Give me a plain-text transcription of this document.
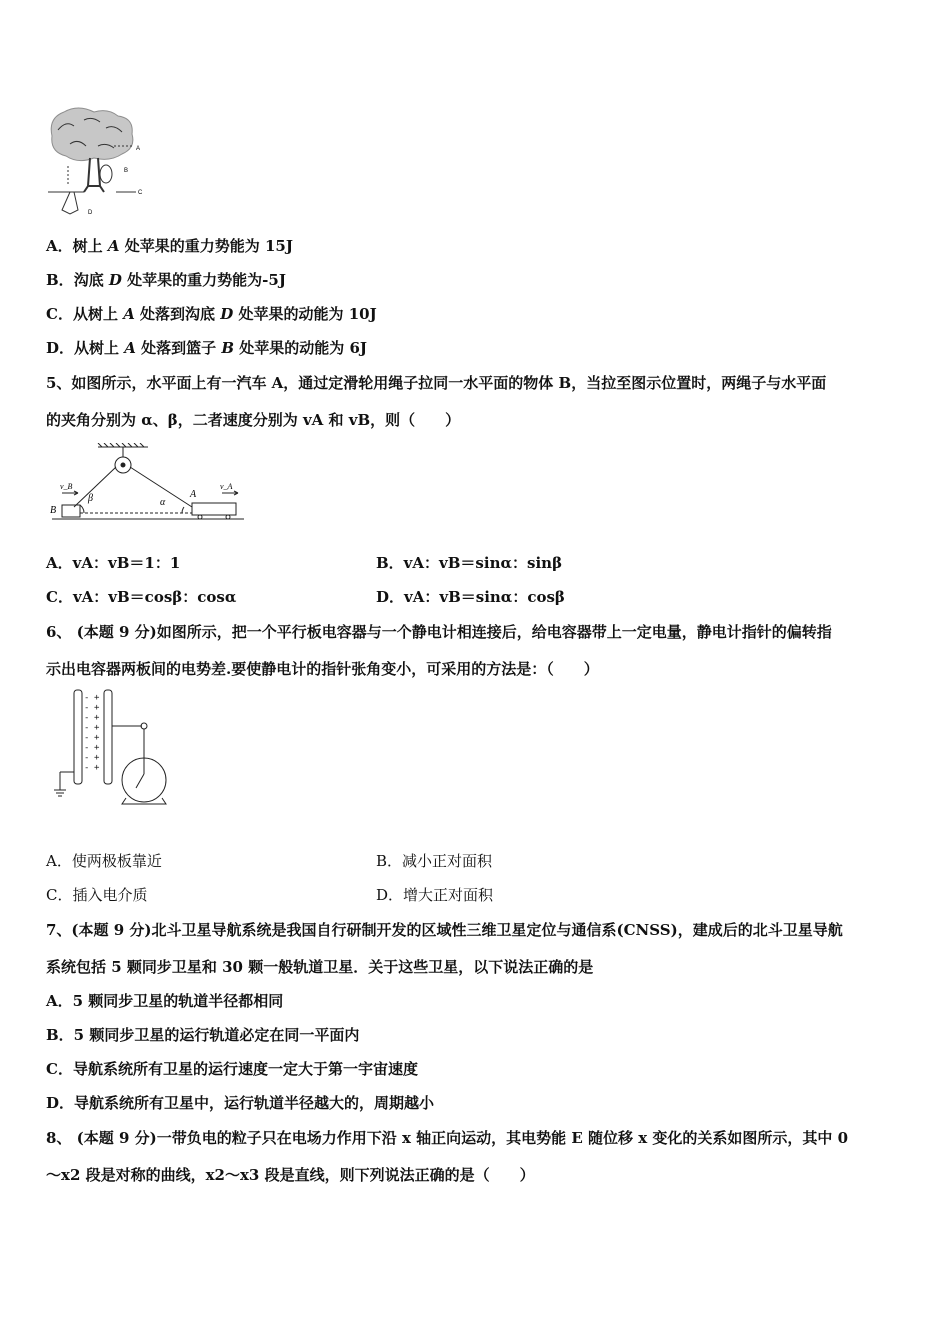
A
B
C
D
A．树上 A 处苹果的重力势能为 15J
B．沟底 D 处苹果的重力势能为-5J
C．从树上 A 处落到沟底 D 处苹果的动能为 10J
D．从树上 A 处落到篮子 B 处苹果的动能为 6J
5、如图所示，水平面上有一汽车 A，通过定滑轮用绳子拉同一水平面的物体 B，当拉至图示位置时，两绳子与水平面
的夹角分别为 α、β，二者速度分别为 vA 和 vB，则（　　）
v_B	v_A
β	α
A
B
A．vA：vB＝1：1	B．vA：vB＝sinα：sinβ
C．vA：vB＝cosβ：cosα	D．vA：vB＝sinα：cosβ
6、 (本题 9 分)如图所示，把一个平行板电容器与一个静电计相连接后，给电容器带上一定电量，静电计指针的偏转指
示出电容器两板间的电势差.要使静电计的指针张角变小，可采用的方法是：（　　）
-
-
-
-
-
-
-
-
+
+
+
+
+
+
+
+
A．使两极板靠近	B．减小正对面积
C．插入电介质	D．增大正对面积
7、(本题 9 分)北斗卫星导航系统是我国自行研制开发的区域性三维卫星定位与通信系(CNSS)，建成后的北斗卫星导航
系统包括 5 颗同步卫星和 30 颗一般轨道卫星．关于这些卫星，以下说法正确的是
A．5 颗同步卫星的轨道半径都相同
B．5 颗同步卫星的运行轨道必定在同一平面内
C．导航系统所有卫星的运行速度一定大于第一宇宙速度
D．导航系统所有卫星中，运行轨道半径越大的，周期越小
8、 (本题 9 分)一带负电的粒子只在电场力作用下沿 x 轴正向运动，其电势能 E 随位移 x 变化的关系如图所示，其中 0
～x2 段是对称的曲线，x2～x3 段是直线，则下列说法正确的是（　　）
